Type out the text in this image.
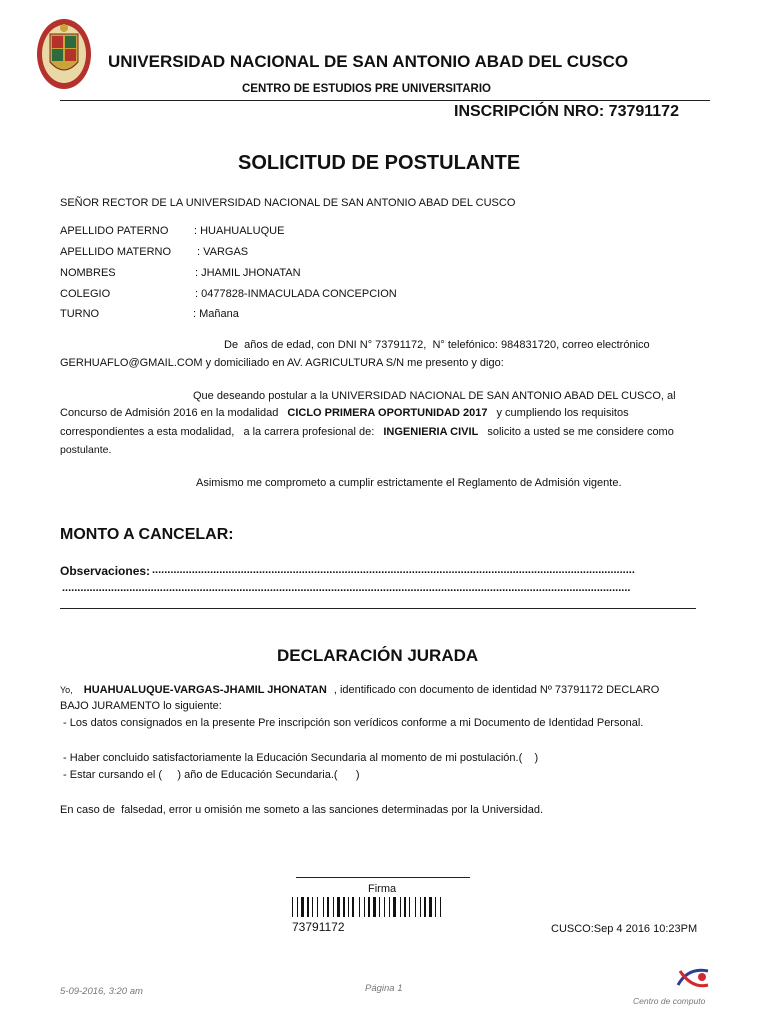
UNIVERSIDAD NACIONAL DE SAN ANTONIO ABAD DEL CUSCO
CENTRO DE ESTUDIOS PRE UNIVERSITARIO
INSCRIPCIÓN NRO: 73791172
SOLICITUD DE POSTULANTE
SEÑOR RECTOR DE LA UNIVERSIDAD NACIONAL DE SAN ANTONIO ABAD DEL CUSCO
APELLIDO PATERNO : HUAHUALUQUE
APELLIDO MATERNO : VARGAS
NOMBRES	: JHAMIL JHONATAN
COLEGIO	: 0477828-INMACULADA CONCEPCION
TURNO	: Mañana
De  años de edad, con DNI N° 73791172,  N° telefónico: 984831720, correo electrónico
GERHUAFLO@GMAIL.COM y domiciliado en AV. AGRICULTURA S/N me presento y digo:
Que deseando postular a la UNIVERSIDAD NACIONAL DE SAN ANTONIO ABAD DEL CUSCO, al
Concurso de Admisión 2016 en la modalidad CICLO PRIMERA OPORTUNIDAD 2017 y cumpliendo los requisitos
correspondientes a esta modalidad,   a la carrera profesional de: INGENIERIA CIVIL solicito a usted se me considere como
postulante.
Asimismo me comprometo a cumplir estrictamente el Reglamento de Admisión vigente.
MONTO A CANCELAR:
Observaciones: ..............................................................................................................................................................
..........................................................................................................................................................................................
DECLARACIÓN JURADA
Yo, HUAHUALUQUE-VARGAS-JHAMIL JHONATAN , identificado con documento de identidad Nº 73791172 DECLARO
BAJO JURAMENTO lo siguiente:
- Los datos consignados en la presente Pre inscripción son verídicos conforme a mi Documento de Identidad Personal.
- Haber concluido satisfactoriamente la Educación Secundaria al momento de mi postulación.(    )
- Estar cursando el (     ) año de Educación Secundaria.(      )
En caso de  falsedad, error u omisión me someto a las sanciones determinadas por la Universidad.
Firma
73791172	CUSCO:Sep 4 2016 10:23PM
5-09-2016, 3:20 am	Página 1
Centro de computo
